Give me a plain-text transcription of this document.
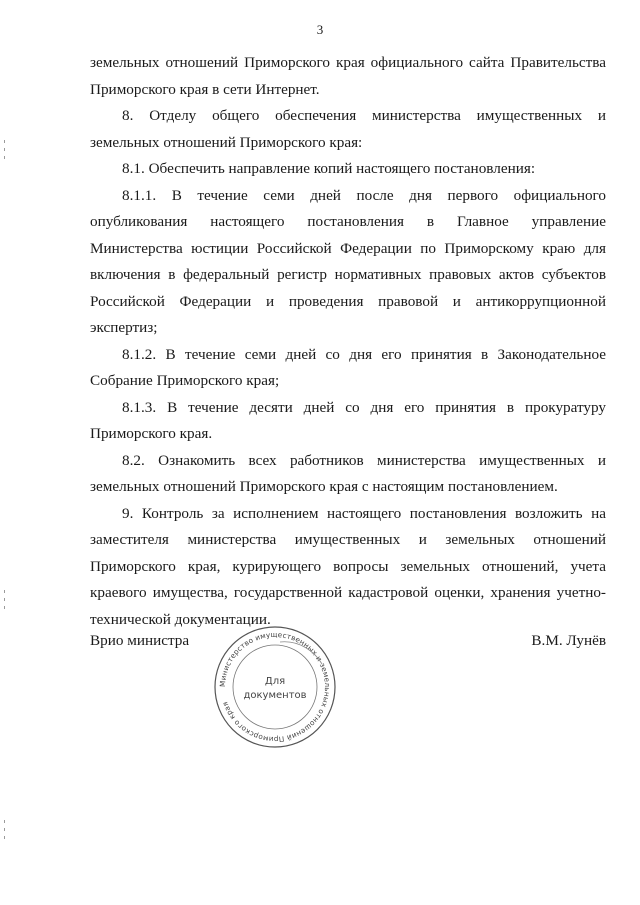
3

земельных отношений Приморского края официального сайта Правительства Приморского края в сети Интернет.

8. Отделу общего обеспечения министерства имущественных и земельных отношений Приморского края:

8.1. Обеспечить направление копий настоящего постановления:

8.1.1. В течение семи дней после дня первого официального опубликования настоящего постановления в Главное управление Министерства юстиции Российской Федерации по Приморскому краю для включения в федеральный регистр нормативных правовых актов субъектов Российской Федерации и проведения правовой и антикоррупционной экспертиз;

8.1.2. В течение семи дней со дня его принятия в Законодательное Собрание Приморского края;

8.1.3. В течение десяти дней со дня его принятия в прокуратуру Приморского края.

8.2. Ознакомить всех работников министерства имущественных и земельных отношений Приморского края с настоящим постановлением.

9. Контроль за исполнением настоящего постановления возложить на заместителя министерства имущественных и земельных отношений Приморского края, курирующего вопросы земельных отношений, учета краевого имущества, государственной кадастровой оценки, хранения учетно-технической документации.

Врио министра	В.М. Лунёв
Министерство имущественных и земельных отношений Приморского края
Для
документов
